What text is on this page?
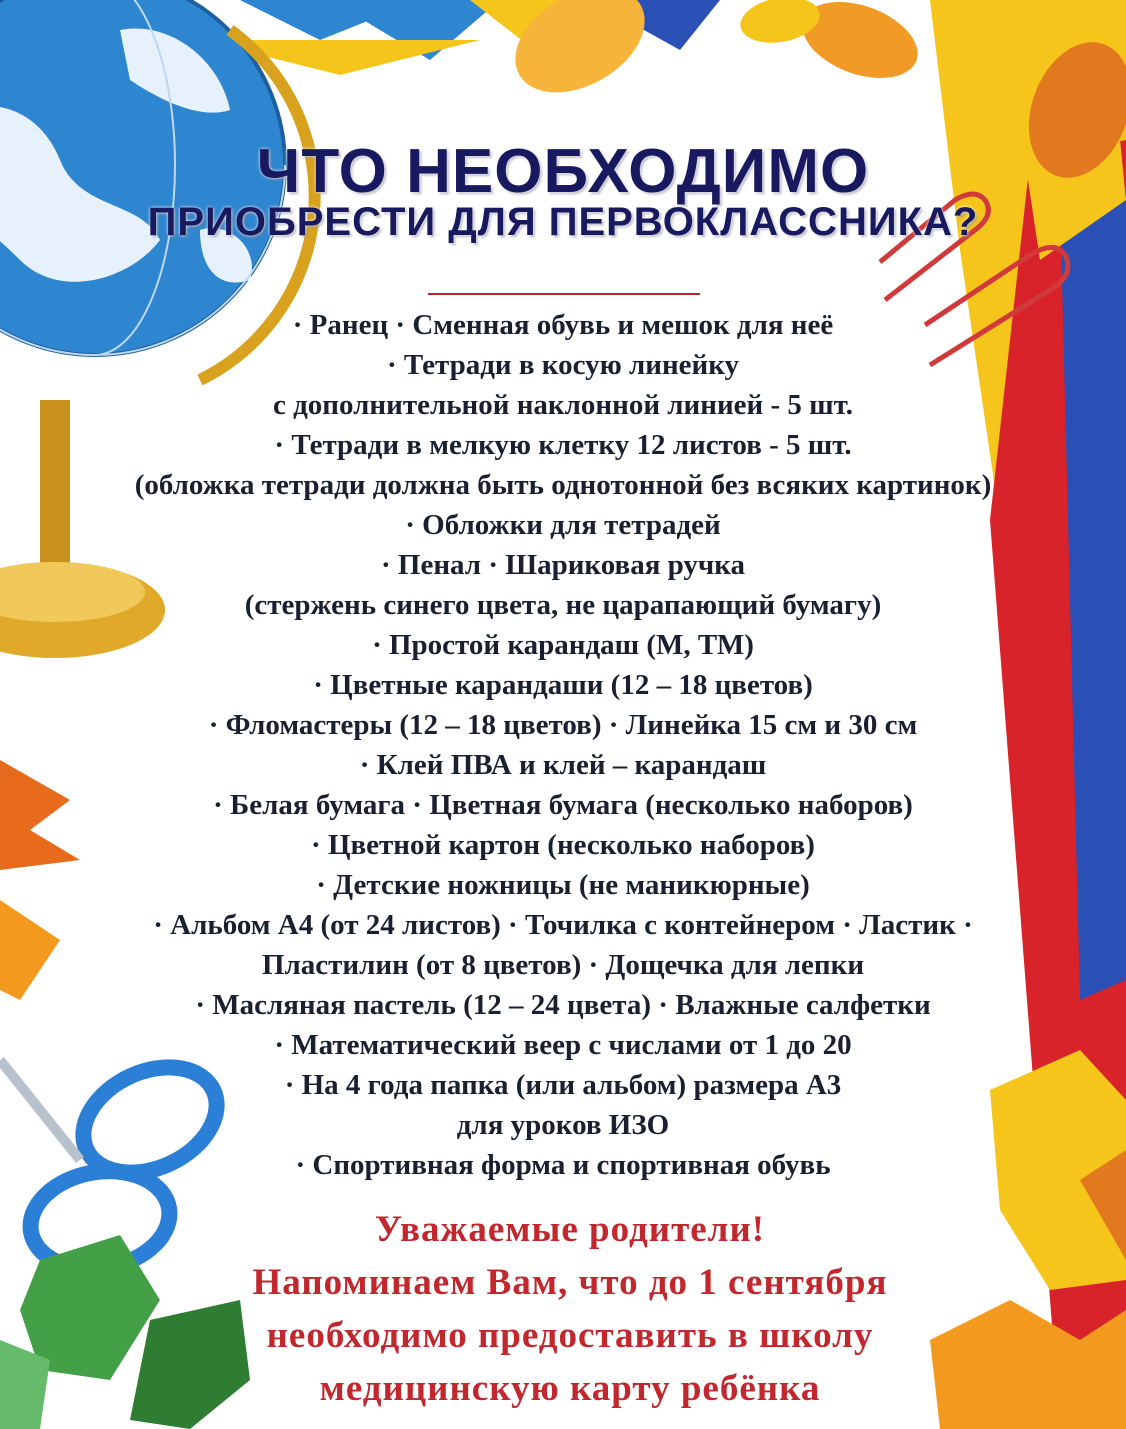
ЧТО НЕОБХОДИМО
ПРИОБРЕСТИ ДЛЯ ПЕРВОКЛАССНИКА?
· Ранец · Сменная обувь и мешок для неё
· Тетради в косую линейку
с дополнительной наклонной линией - 5 шт.
· Тетради в мелкую клетку 12 листов - 5 шт.
(обложка тетради должна быть однотонной без всяких картинок)
· Обложки для тетрадей
· Пенал · Шариковая ручка
(стержень синего цвета, не царапающий бумагу)
· Простой карандаш (М, ТМ)
· Цветные карандаши (12 – 18 цветов)
· Фломастеры (12 – 18 цветов) · Линейка 15 см и 30 см
· Клей ПВА и клей – карандаш
· Белая бумага · Цветная бумага (несколько наборов)
· Цветной картон (несколько наборов)
· Детские ножницы (не маникюрные)
· Альбом А4 (от 24 листов) · Точилка с контейнером · Ластик ·
Пластилин (от 8 цветов) · Дощечка для лепки
· Масляная пастель (12 – 24 цвета) · Влажные салфетки
· Математический веер с числами от 1 до 20
· На 4 года папка (или альбом) размера А3
для уроков ИЗО
· Спортивная форма и спортивная обувь
Уважаемые родители!
Напоминаем Вам, что до 1 сентября
необходимо предоставить в школу
медицинскую карту ребёнка
